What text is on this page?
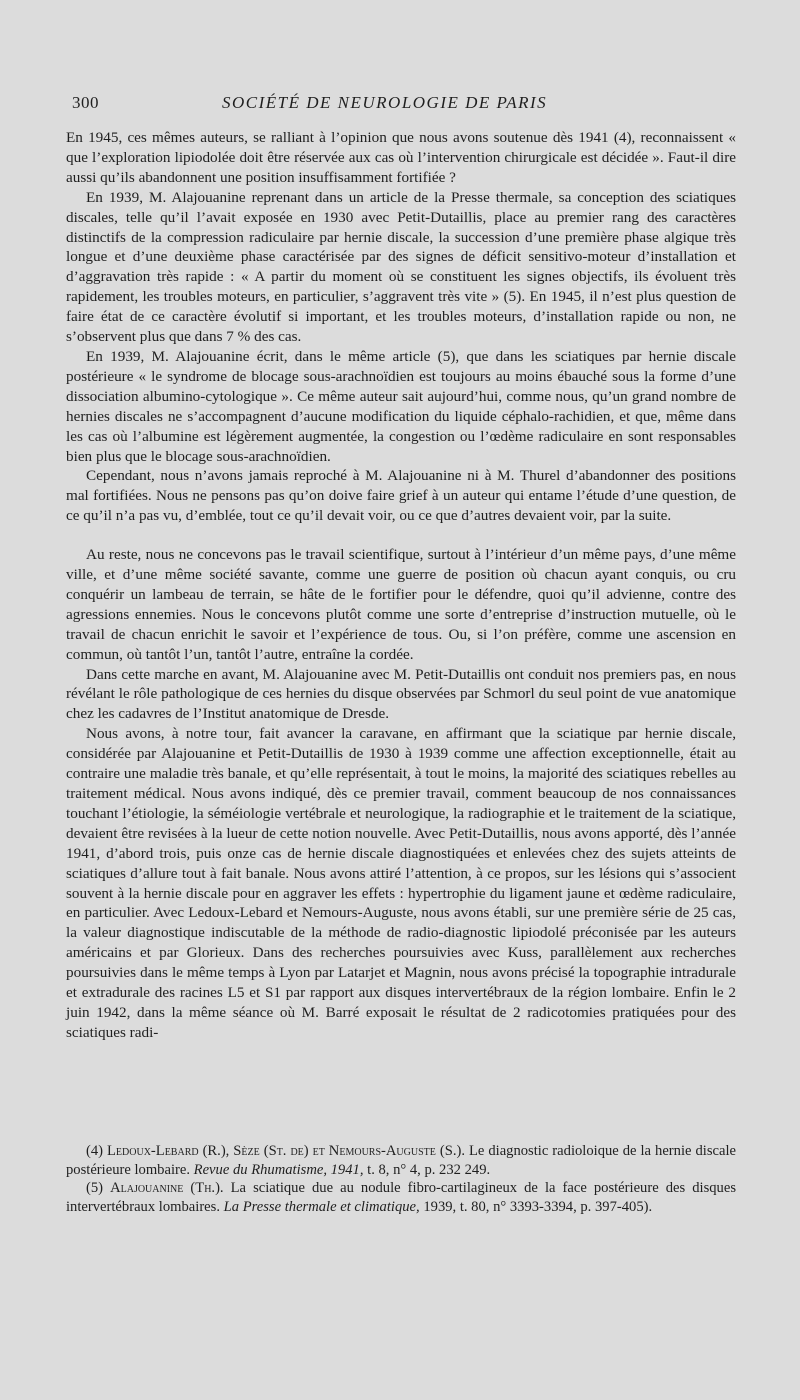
300	SOCIÉTÉ DE NEUROLOGIE DE PARIS

En 1945, ces mêmes auteurs, se ralliant à l’opinion que nous avons soutenue dès 1941 (4), reconnaissent « que l’exploration lipiodolée doit être réservée aux cas où l’intervention chirurgicale est décidée ». Faut-il dire aussi qu’ils abandonnent une position insuffisamment fortifiée ?

En 1939, M. Alajouanine reprenant dans un article de la Presse thermale, sa conception des sciatiques discales, telle qu’il l’avait exposée en 1930 avec Petit-Dutaillis, place au premier rang des caractères distinctifs de la compression radiculaire par hernie discale, la succession d’une première phase algique très longue et d’une deuxième phase caractérisée par des signes de déficit sensitivo-moteur d’installation et d’aggravation très rapide : « A partir du moment où se constituent les signes objectifs, ils évoluent très rapidement, les troubles moteurs, en particulier, s’aggravent très vite » (5). En 1945, il n’est plus question de faire état de ce caractère évolutif si important, et les troubles moteurs, d’installation rapide ou non, ne s’observent plus que dans 7 % des cas.

En 1939, M. Alajouanine écrit, dans le même article (5), que dans les sciatiques par hernie discale postérieure « le syndrome de blocage sous-arachnoïdien est toujours au moins ébauché sous la forme d’une dissociation albumino-cytologique ». Ce même auteur sait aujourd’hui, comme nous, qu’un grand nombre de hernies discales ne s’accompagnent d’aucune modification du liquide céphalo-rachidien, et que, même dans les cas où l’albumine est légèrement augmentée, la congestion ou l’œdème radiculaire en sont responsables bien plus que le blocage sous-arachnoïdien.

Cependant, nous n’avons jamais reproché à M. Alajouanine ni à M. Thurel d’abandonner des positions mal fortifiées. Nous ne pensons pas qu’on doive faire grief à un auteur qui entame l’étude d’une question, de ce qu’il n’a pas vu, d’emblée, tout ce qu’il devait voir, ou ce que d’autres devaient voir, par la suite.

Au reste, nous ne concevons pas le travail scientifique, surtout à l’intérieur d’un même pays, d’une même ville, et d’une même société savante, comme une guerre de position où chacun ayant conquis, ou cru conquérir un lambeau de terrain, se hâte de le fortifier pour le défendre, quoi qu’il advienne, contre des agressions ennemies. Nous le concevons plutôt comme une sorte d’entreprise d’instruction mutuelle, où le travail de chacun enrichit le savoir et l’expérience de tous. Ou, si l’on préfère, comme une ascension en commun, où tantôt l’un, tantôt l’autre, entraîne la cordée.

Dans cette marche en avant, M. Alajouanine avec M. Petit-Dutaillis ont conduit nos premiers pas, en nous révélant le rôle pathologique de ces hernies du disque observées par Schmorl du seul point de vue anatomique chez les cadavres de l’Institut anatomique de Dresde.

Nous avons, à notre tour, fait avancer la caravane, en affirmant que la sciatique par hernie discale, considérée par Alajouanine et Petit-Dutaillis de 1930 à 1939 comme une affection exceptionnelle, était au contraire une maladie très banale, et qu’elle représentait, à tout le moins, la majorité des sciatiques rebelles au traitement médical. Nous avons indiqué, dès ce premier travail, comment beaucoup de nos connaissances touchant l’étiologie, la séméiologie vertébrale et neurologique, la radiographie et le traitement de la sciatique, devaient être revisées à la lueur de cette notion nouvelle. Avec Petit-Dutaillis, nous avons apporté, dès l’année 1941, d’abord trois, puis onze cas de hernie discale diagnostiquées et enlevées chez des sujets atteints de sciatiques d’allure tout à fait banale. Nous avons attiré l’attention, à ce propos, sur les lésions qui s’associent souvent à la hernie discale pour en aggraver les effets : hypertrophie du ligament jaune et œdème radiculaire, en particulier. Avec Ledoux-Lebard et Nemours-Auguste, nous avons établi, sur une première série de 25 cas, la valeur diagnostique indiscutable de la méthode de radio-diagnostic lipiodolé préconisée par les auteurs américains et par Glorieux. Dans des recherches poursuivies avec Kuss, parallèlement aux recherches poursuivies dans le même temps à Lyon par Latarjet et Magnin, nous avons précisé la topographie intradurale et extradurale des racines L5 et S1 par rapport aux disques intervertébraux de la région lombaire. Enfin le 2 juin 1942, dans la même séance où M. Barré exposait le résultat de 2 radicotomies pratiquées pour des sciatiques radi-

(4) Ledoux-Lebard (R.), Sèze (St. de) et Nemours-Auguste (S.). Le diagnostic radioloique de la hernie discale postérieure lombaire. Revue du Rhumatisme, 1941, t. 8, n° 4, p. 232 249.

(5) Alajouanine (Th.). La sciatique due au nodule fibro-cartilagineux de la face postérieure des disques intervertébraux lombaires. La Presse thermale et climatique, 1939, t. 80, n° 3393-3394, p. 397-405).
